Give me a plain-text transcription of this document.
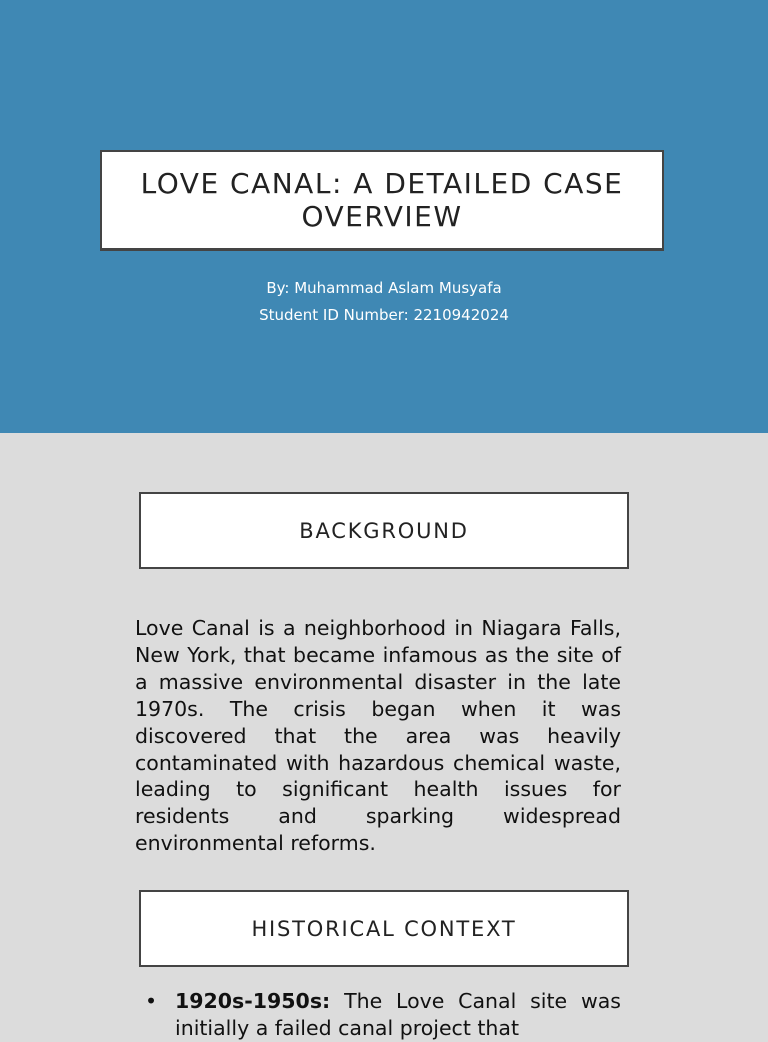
LOVE CANAL: A DETAILED CASE OVERVIEW
By: Muhammad Aslam Musyafa
Student ID Number: 2210942024
BACKGROUND

Love Canal is a neighborhood in Niagara Falls, New York, that became infamous as the site of a massive environmental disaster in the late 1970s. The crisis began when it was discovered that the area was heavily contaminated with hazardous chemical waste, leading to significant health issues for residents and sparking widespread environmental reforms.

HISTORICAL CONTEXT
• 1920s-1950s: The Love Canal site was initially a failed canal project that
